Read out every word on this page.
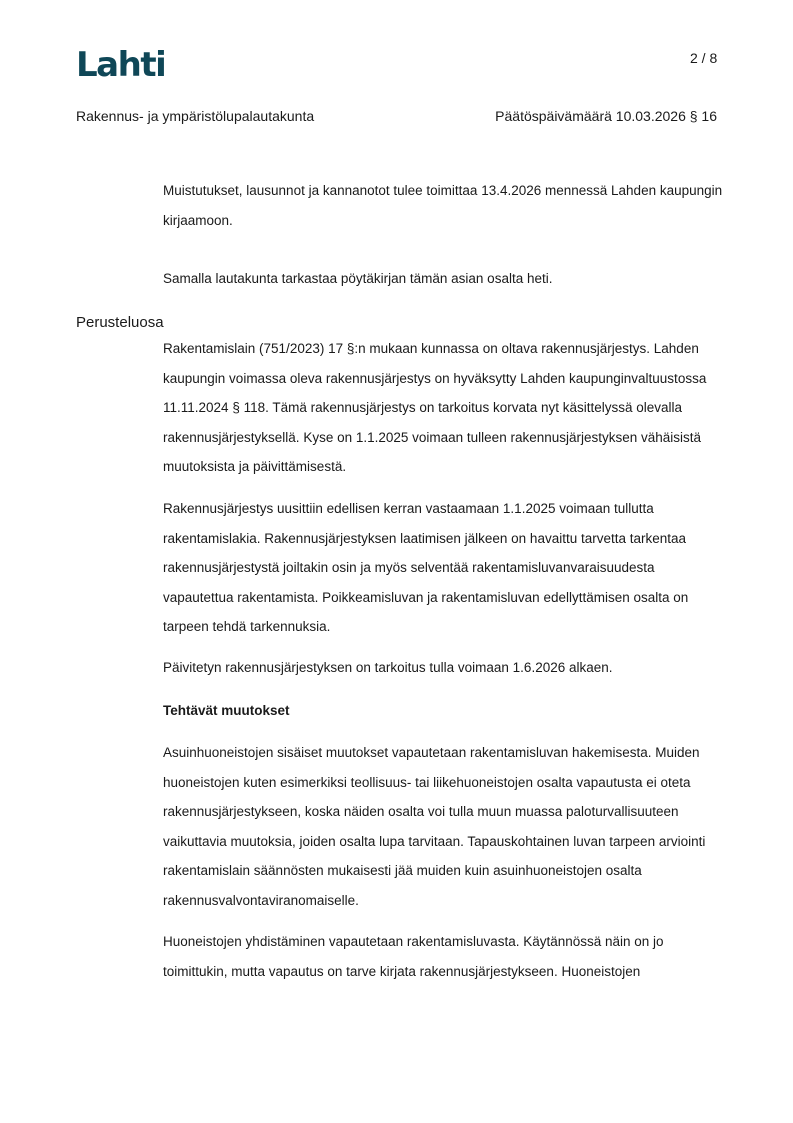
Lahti	2 / 8
Rakennus- ja ympäristölupalautakunta	Päätöspäivämäärä 10.03.2026 § 16

Muistutukset, lausunnot ja kannanotot tulee toimittaa 13.4.2026 mennessä Lahden kaupungin kirjaamoon.

Samalla lautakunta tarkastaa pöytäkirjan tämän asian osalta heti.

Perusteluosa

Rakentamislain (751/2023) 17 §:n mukaan kunnassa on oltava rakennusjärjestys. Lahden kaupungin voimassa oleva rakennusjärjestys on hyväksytty Lahden kaupunginvaltuustossa 11.11.2024 § 118. Tämä rakennusjärjestys on tarkoitus korvata nyt käsittelyssä olevalla rakennusjärjestyksellä. Kyse on 1.1.2025 voimaan tulleen rakennusjärjestyksen vähäisistä muutoksista ja päivittämisestä.

Rakennusjärjestys uusittiin edellisen kerran vastaamaan 1.1.2025 voimaan tullutta rakentamislakia. Rakennusjärjestyksen laatimisen jälkeen on havaittu tarvetta tarkentaa rakennusjärjestystä joiltakin osin ja myös selventää rakentamisluvanvaraisuudesta vapautettua rakentamista. Poikkeamisluvan ja rakentamisluvan edellyttämisen osalta on tarpeen tehdä tarkennuksia.

Päivitetyn rakennusjärjestyksen on tarkoitus tulla voimaan 1.6.2026 alkaen.

Tehtävät muutokset

Asuinhuoneistojen sisäiset muutokset vapautetaan rakentamisluvan hakemisesta. Muiden huoneistojen kuten esimerkiksi teollisuus- tai liikehuoneistojen osalta vapautusta ei oteta rakennusjärjestykseen, koska näiden osalta voi tulla muun muassa paloturvallisuuteen vaikuttavia muutoksia, joiden osalta lupa tarvitaan. Tapauskohtainen luvan tarpeen arviointi rakentamislain säännösten mukaisesti jää muiden kuin asuinhuoneistojen osalta rakennusvalvontaviranomaiselle.

Huoneistojen yhdistäminen vapautetaan rakentamisluvasta. Käytännössä näin on jo toimittukin, mutta vapautus on tarve kirjata rakennusjärjestykseen. Huoneistojen
